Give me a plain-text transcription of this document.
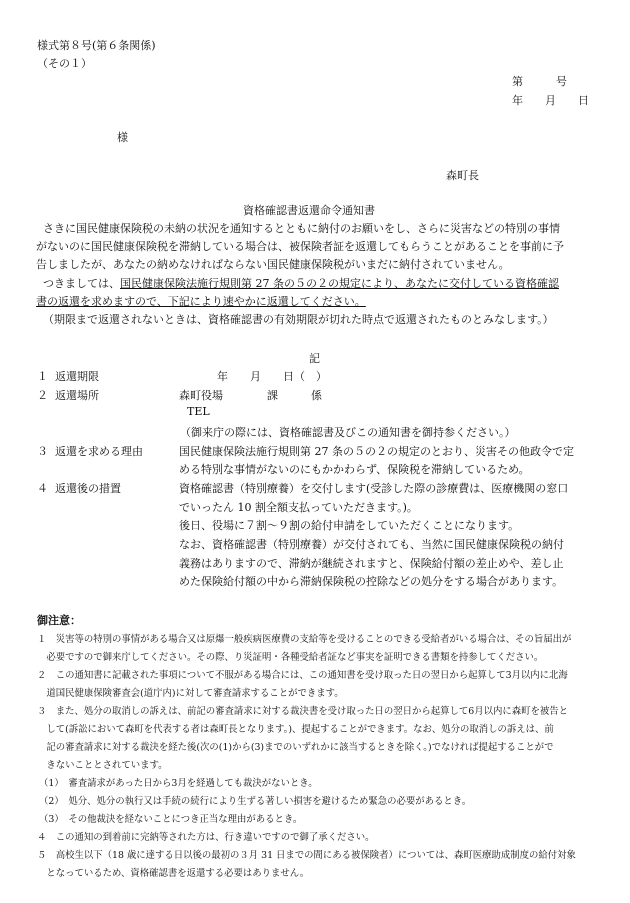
様式第８号(第６条関係)
（その１）
第　　　号
年　　月　　日
様
森町長
資格確認書返還命令通知書
さきに国民健康保険税の未納の状況を通知するとともに納付のお願いをし、さらに災害などの特別の事情
がないのに国民健康保険税を滞納している場合は、被保険者証を返還してもらうことがあることを事前に予
告しましたが、あなたの納めなければならない国民健康保険税がいまだに納付されていません。
つきましては、国民健康保険法施行規則第 27 条の５の２の規定により、あなたに交付している資格確認
書の返還を求めますので、下記により速やかに返還してください。
（期限まで返還されないときは、資格確認書の有効期限が切れた時点で返還されたものとみなします。）
記
１ 返還期限	年　　月　　日（　）
２ 返還場所	森町役場　　　　課　　　係
TEL
（御来庁の際には、資格確認書及びこの通知書を御持参ください。）
３ 返還を求める理由	国民健康保険法施行規則第 27 条の５の２の規定のとおり、災害その他政令で定
める特別な事情がないのにもかかわらず、保険税を滞納しているため。
４ 返還後の措置	資格確認書（特別療養）を交付します(受診した際の診療費は、医療機関の窓口
でいったん 10 割全額支払っていただきます。)。
後日、役場に７割～９割の給付申請をしていただくことになります。
なお、資格確認書（特別療養）が交付されても、当然に国民健康保険税の納付
義務はありますので、滞納が継続されますと、保険給付額の差止めや、差し止
めた保険給付額の中から滞納保険税の控除などの処分をする場合があります。
御注意：
１　災害等の特別の事情がある場合又は原爆一般疾病医療費の支給等を受けることのできる受給者がいる場合は、その旨届出が
　必要ですので御来庁してください。その際、り災証明・各種受給者証など事実を証明できる書類を持参してください。
２　この通知書に記載された事項について不服がある場合には、この通知書を受け取った日の翌日から起算して3月以内に北海
　道国民健康保険審査会(道庁内)に対して審査請求することができます。
３　また、処分の取消しの訴えは、前記の審査請求に対する裁決書を受け取った日の翌日から起算して6月以内に森町を被告と
　して(訴訟において森町を代表する者は森町長となります。)、提起することができます。なお、処分の取消しの訴えは、前
　記の審査請求に対する裁決を経た後(次の(1)から(3)までのいずれかに該当するときを除く。)でなければ提起することがで
　きないこととされています。
（1）　審査請求があった日から3月を経過しても裁決がないとき。
（2）　処分、処分の執行又は手続の続行により生ずる著しい損害を避けるため緊急の必要があるとき。
（3）　その他裁決を経ないことにつき正当な理由があるとき。
４　この通知の到着前に完納等された方は、行き違いですので御了承ください。
５　高校生以下（18 歳に達する日以後の最初の３月 31 日までの間にある被保険者）については、森町医療助成制度の給付対象
　となっているため、資格確認書を返還する必要はありません。
